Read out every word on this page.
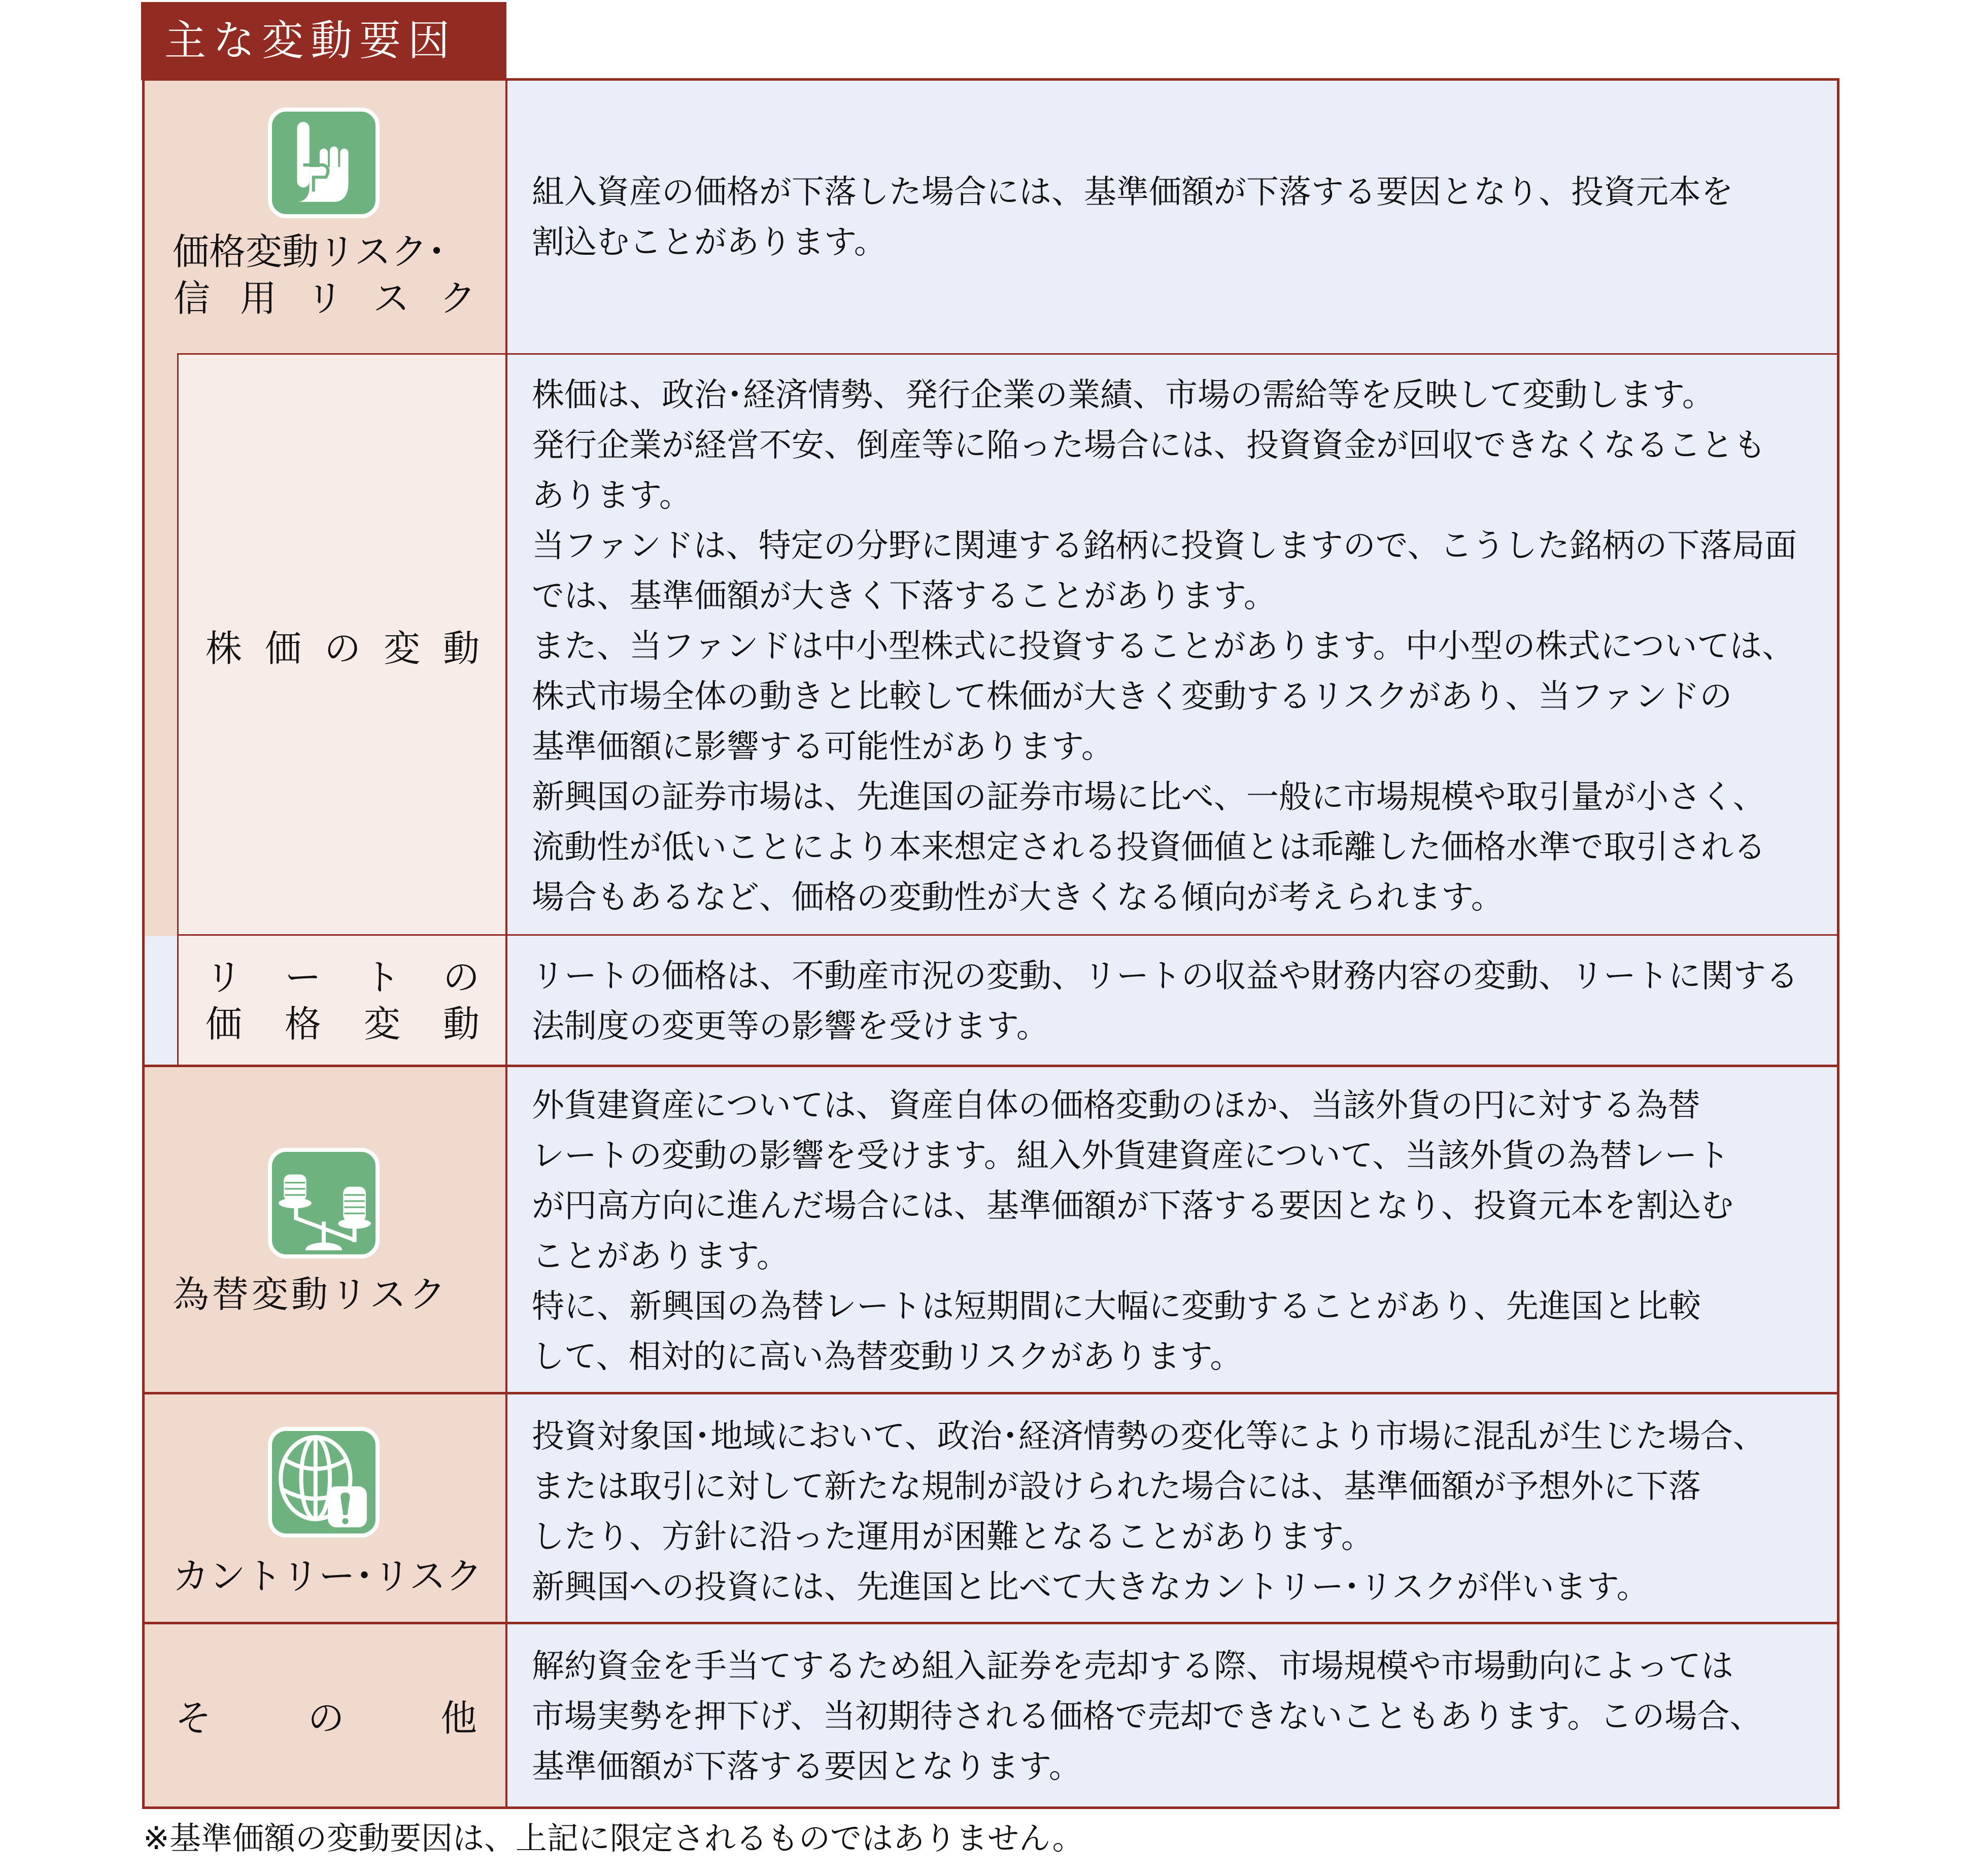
主な変動要因
価格変動リスク･
信 用 リ ス ク
組入資産の価格が下落した場合には、基準価額が下落する要因となり、投資元本を
割込むことがあります。
株 価 の 変 動
株価は、政治･経済情勢、発行企業の業績、市場の需給等を反映して変動します。
発行企業が経営不安、倒産等に陥った場合には、投資資金が回収できなくなることも
あります。
当ファンドは、特定の分野に関連する銘柄に投資しますので、こうした銘柄の下落局面
では、基準価額が大きく下落することがあります。
また、当ファンドは中小型株式に投資することがあります。中小型の株式については、
株式市場全体の動きと比較して株価が大きく変動するリスクがあり、当ファンドの
基準価額に影響する可能性があります。
新興国の証券市場は、先進国の証券市場に比べ、一般に市場規模や取引量が小さく、
流動性が低いことにより本来想定される投資価値とは乖離した価格水準で取引される
場合もあるなど、価格の変動性が大きくなる傾向が考えられます。
リ ー ト の
価 格 変 動
リートの価格は、不動産市況の変動、リートの収益や財務内容の変動、リートに関する
法制度の変更等の影響を受けます。
為替変動リスク
外貨建資産については、資産自体の価格変動のほか、当該外貨の円に対する為替
レートの変動の影響を受けます。組入外貨建資産について、当該外貨の為替レート
が円高方向に進んだ場合には、基準価額が下落する要因となり、投資元本を割込む
ことがあります。
特に、新興国の為替レートは短期間に大幅に変動することがあり、先進国と比較
して、相対的に高い為替変動リスクがあります。
カントリー･リスク
投資対象国･地域において、政治･経済情勢の変化等により市場に混乱が生じた場合、
または取引に対して新たな規制が設けられた場合には、基準価額が予想外に下落
したり、方針に沿った運用が困難となることがあります。
新興国への投資には、先進国と比べて大きなカントリー･リスクが伴います。
そ	の	他
解約資金を手当てするため組入証券を売却する際、市場規模や市場動向によっては
市場実勢を押下げ、当初期待される価格で売却できないこともあります。この場合、
基準価額が下落する要因となります。
※基準価額の変動要因は、上記に限定されるものではありません。
